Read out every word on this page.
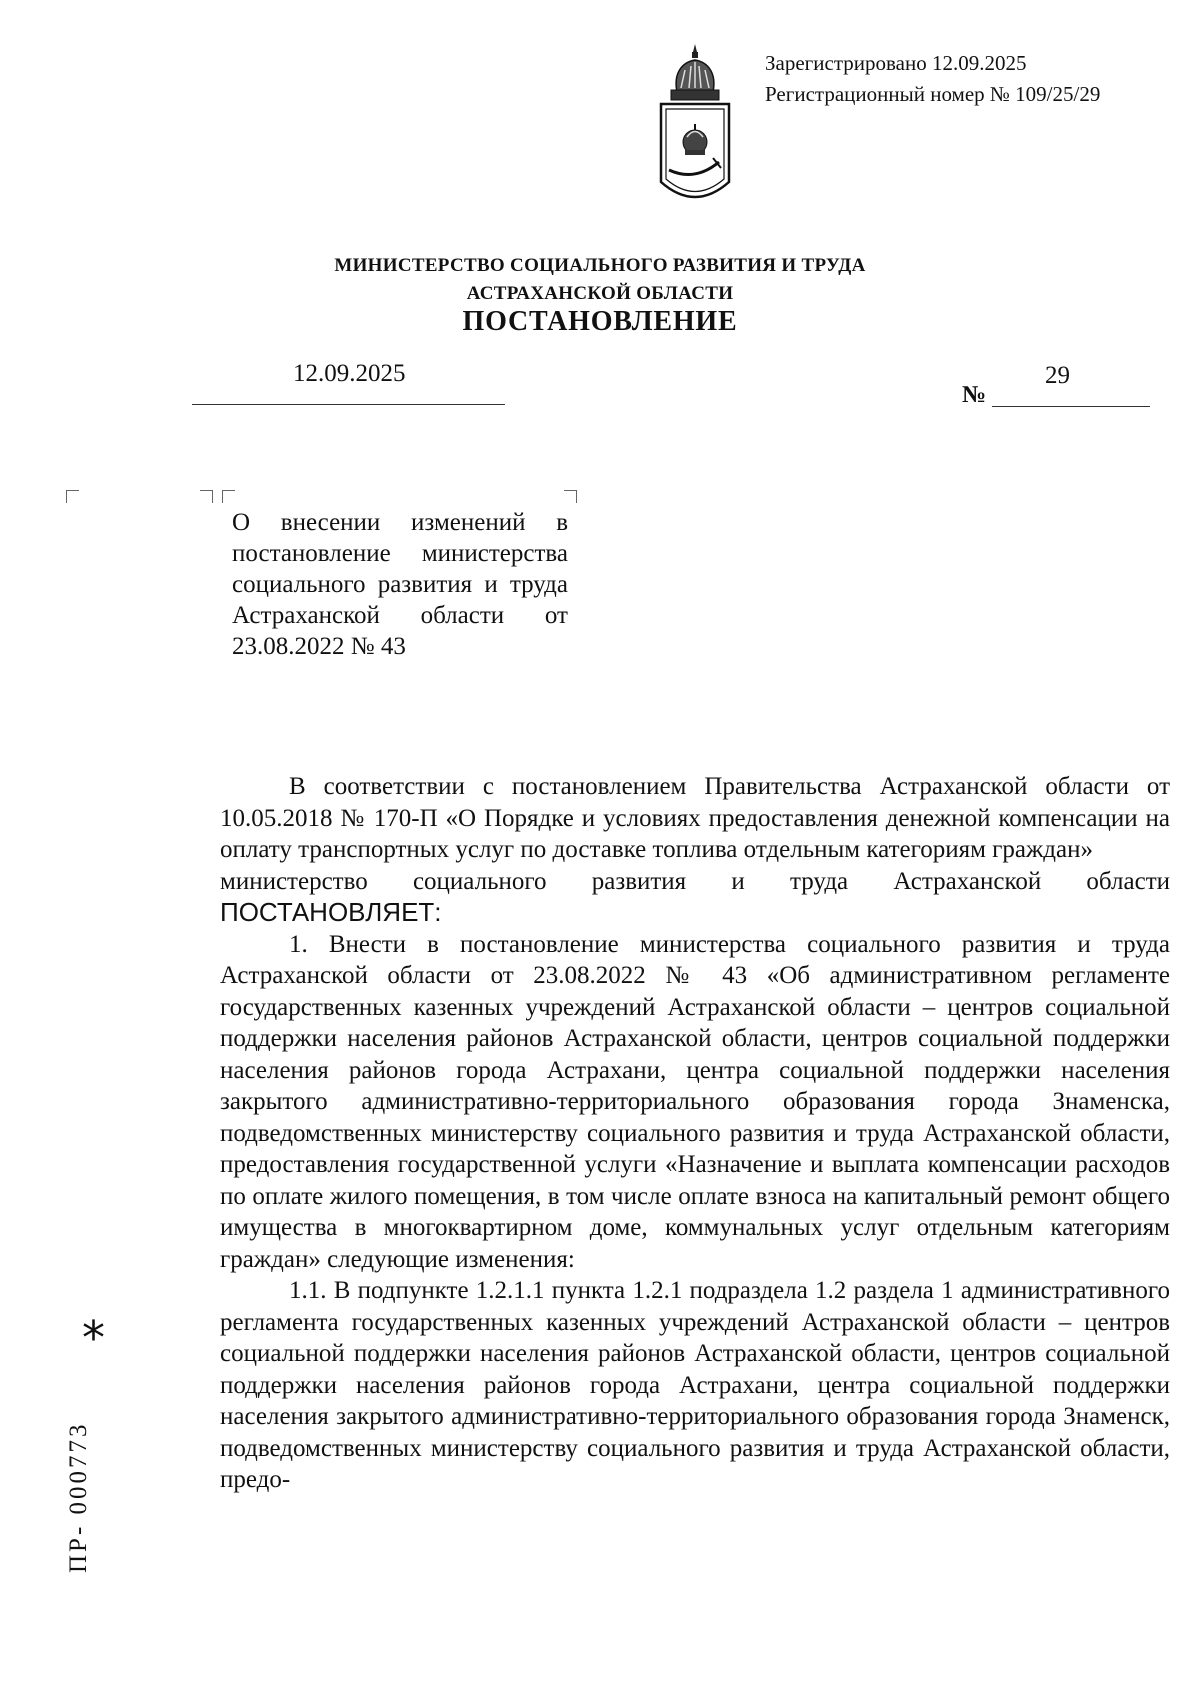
Зарегистрировано 12.09.2025
Регистрационный номер № 109/25/29
МИНИСТЕРСТВО СОЦИАЛЬНОГО РАЗВИТИЯ И ТРУДА
АСТРАХАНСКОЙ ОБЛАСТИ
ПОСТАНОВЛЕНИЕ
12.09.2025
№
29
О внесении изменений в постановление министерства социального развития и труда Астраханской области от 23.08.2022 № 43

В соответствии с постановлением Правительства Астраханской области от 10.05.2018 № 170-П «О Порядке и условиях предоставления денежной компенсации на оплату транспортных услуг по доставке топлива отдельным категориям граждан»

министерство социального развития и труда Астраханской области

ПОСТАНОВЛЯЕТ:

1. Внести в постановление министерства социального развития и труда Астраханской области от 23.08.2022 № 43 «Об административном регламенте государственных казенных учреждений Астраханской области – центров социальной поддержки населения районов Астраханской области, центров социальной поддержки населения районов города Астрахани, центра социальной поддержки населения закрытого административно-территориального образования города Знаменска, подведомственных министерству социального развития и труда Астраханской области, предоставления государственной услуги «Назначение и выплата компенсации расходов по оплате жилого помещения, в том числе оплате взноса на капитальный ремонт общего имущества в многоквартирном доме, коммунальных услуг отдельным категориям граждан» следующие изменения:

1.1. В подпункте 1.2.1.1 пункта 1.2.1 подраздела 1.2 раздела 1 административного регламента государственных казенных учреждений Астраханской области – центров социальной поддержки населения районов Астраханской области, центров социальной поддержки населения районов города Астрахани, центра социальной поддержки населения закрытого административно-территориального образования города Знаменск, подведомственных министерству социального развития и труда Астраханской области, предо-

*
ПР- 000773
